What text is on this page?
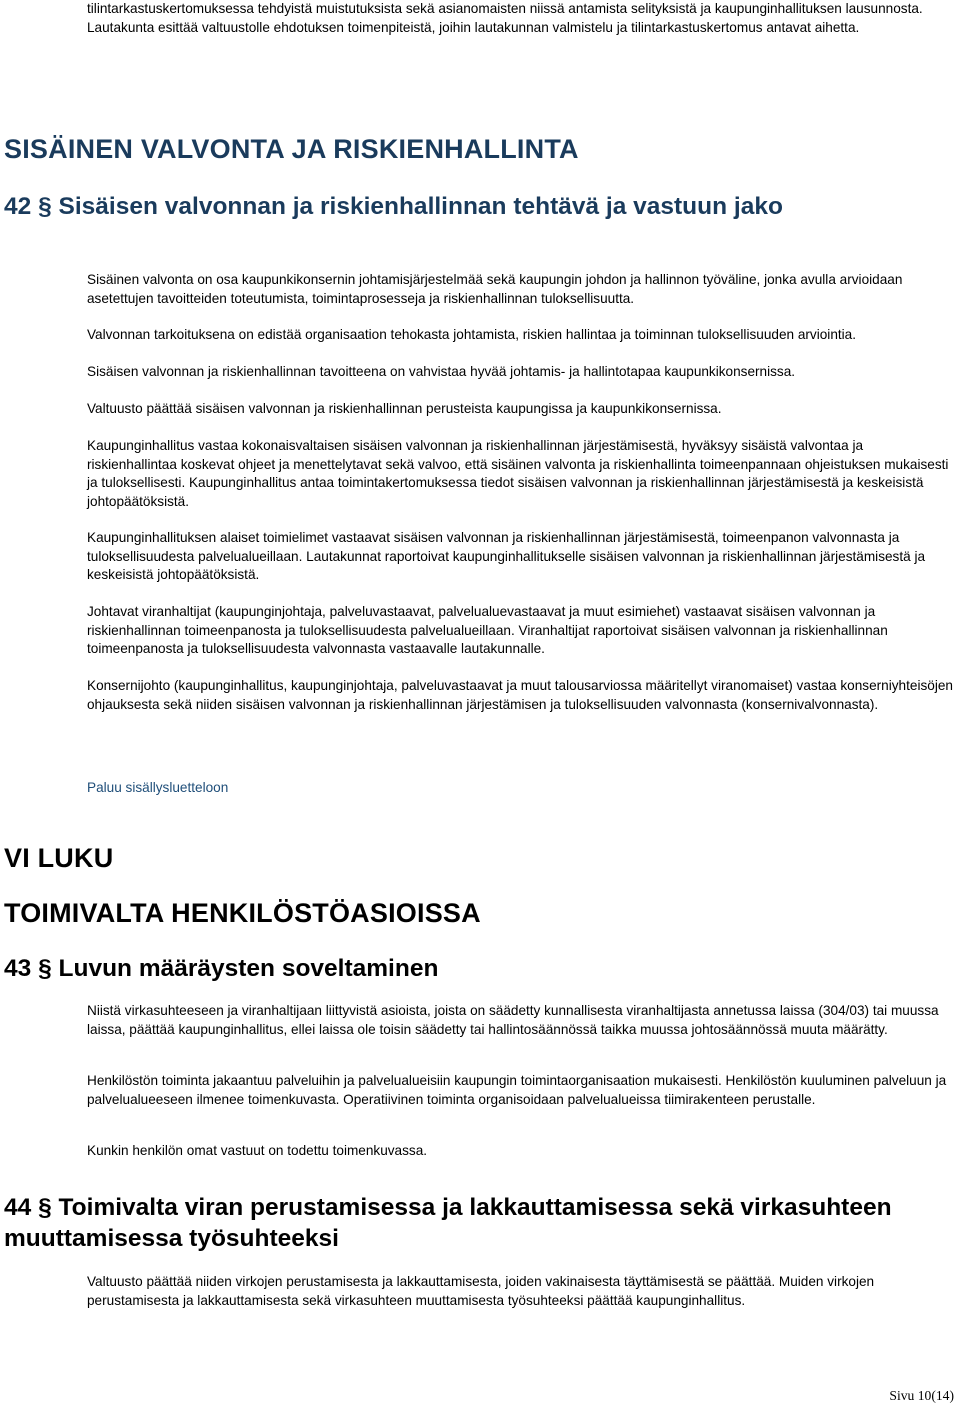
tilintarkastuskertomuksessa tehdyistä muistutuksista sekä asianomaisten niissä antamista selityksistä ja kaupunginhallituksen lausunnosta. Lautakunta esittää valtuustolle ehdotuksen toimenpiteistä, joihin lautakunnan valmistelu ja tilintarkastuskertomus antavat aihetta.

SISÄINEN VALVONTA JA RISKIENHALLINTA
42 § Sisäisen valvonnan ja riskienhallinnan tehtävä ja vastuun jako

Sisäinen valvonta on osa kaupunkikonsernin johtamisjärjestelmää sekä kaupungin johdon ja hallinnon työväline, jonka avulla arvioidaan asetettujen tavoitteiden toteutumista, toimintaprosesseja ja riskienhallinnan tuloksellisuutta.

Valvonnan tarkoituksena on edistää organisaation tehokasta johtamista, riskien hallintaa ja toiminnan tuloksellisuuden arviointia.

Sisäisen valvonnan ja riskienhallinnan tavoitteena on vahvistaa hyvää johtamis- ja hallintotapaa kaupunkikonsernissa.

Valtuusto päättää sisäisen valvonnan ja riskienhallinnan perusteista kaupungissa ja kaupunkikonsernissa.

Kaupunginhallitus vastaa kokonaisvaltaisen sisäisen valvonnan ja riskienhallinnan järjestämisestä, hyväksyy sisäistä valvontaa ja riskienhallintaa koskevat ohjeet ja menettelytavat sekä valvoo, että sisäinen valvonta ja riskienhallinta toimeenpannaan ohjeistuksen mukaisesti ja tuloksellisesti. Kaupunginhallitus antaa toimintakertomuksessa tiedot sisäisen valvonnan ja riskienhallinnan järjestämisestä ja keskeisistä johtopäätöksistä.

Kaupunginhallituksen alaiset toimielimet vastaavat sisäisen valvonnan ja riskienhallinnan järjestämisestä, toimeenpanon valvonnasta ja tuloksellisuudesta palvelualueillaan. Lautakunnat raportoivat kaupunginhallitukselle sisäisen valvonnan ja riskienhallinnan järjestämisestä ja keskeisistä johtopäätöksistä.

Johtavat viranhaltijat (kaupunginjohtaja, palveluvastaavat, palvelualuevastaavat ja muut esimiehet) vastaavat sisäisen valvonnan ja riskienhallinnan toimeenpanosta ja tuloksellisuudesta palvelualueillaan. Viranhaltijat raportoivat sisäisen valvonnan ja riskienhallinnan toimeenpanosta ja tuloksellisuudesta valvonnasta vastaavalle lautakunnalle.

Konsernijohto (kaupunginhallitus, kaupunginjohtaja, palveluvastaavat ja muut talousarviossa määritellyt viranomaiset) vastaa konserniyhteisöjen ohjauksesta sekä niiden sisäisen valvonnan ja riskienhallinnan järjestämisen ja tuloksellisuuden valvonnasta (konsernivalvonnasta).

Paluu sisällysluetteloon
VI LUKU
TOIMIVALTA HENKILÖSTÖASIOISSA
43 § Luvun määräysten soveltaminen

Niistä virkasuhteeseen ja viranhaltijaan liittyvistä asioista, joista on säädetty kunnallisesta viranhaltijasta annetussa laissa (304/03) tai muussa laissa, päättää kaupunginhallitus, ellei laissa ole toisin säädetty tai hallintosäännössä taikka muussa johtosäännössä muuta määrätty.

Henkilöstön toiminta jakaantuu palveluihin ja palvelualueisiin kaupungin toimintaorganisaation mukaisesti. Henkilöstön kuuluminen palveluun ja palvelualueeseen ilmenee toimenkuvasta. Operatiivinen toiminta organisoidaan palvelualueissa tiimirakenteen perustalle.

Kunkin henkilön omat vastuut on todettu toimenkuvassa.

44 § Toimivalta viran perustamisessa ja lakkauttamisessa sekä virkasuhteen muuttamisessa työsuhteeksi

Valtuusto päättää niiden virkojen perustamisesta ja lakkauttamisesta, joiden vakinaisesta täyttämisestä se päättää. Muiden virkojen perustamisesta ja lakkauttamisesta sekä virkasuhteen muuttamisesta työsuhteeksi päättää kaupunginhallitus.

Sivu 10(14)
